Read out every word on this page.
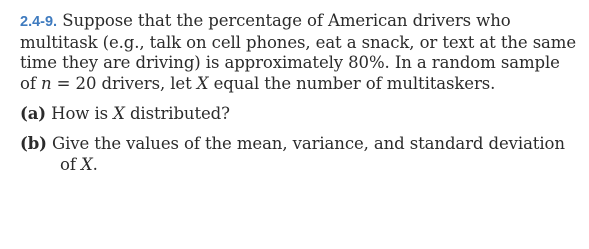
2.4-9. Suppose that the percentage of American drivers who multitask (e.g., talk on cell phones, eat a snack, or text at the same time they are driving) is approximately 80%. In a random sample of n = 20 drivers, let X equal the number of multitaskers.

(a) How is X distributed?

(b) Give the values of the mean, variance, and standard deviation of X.
